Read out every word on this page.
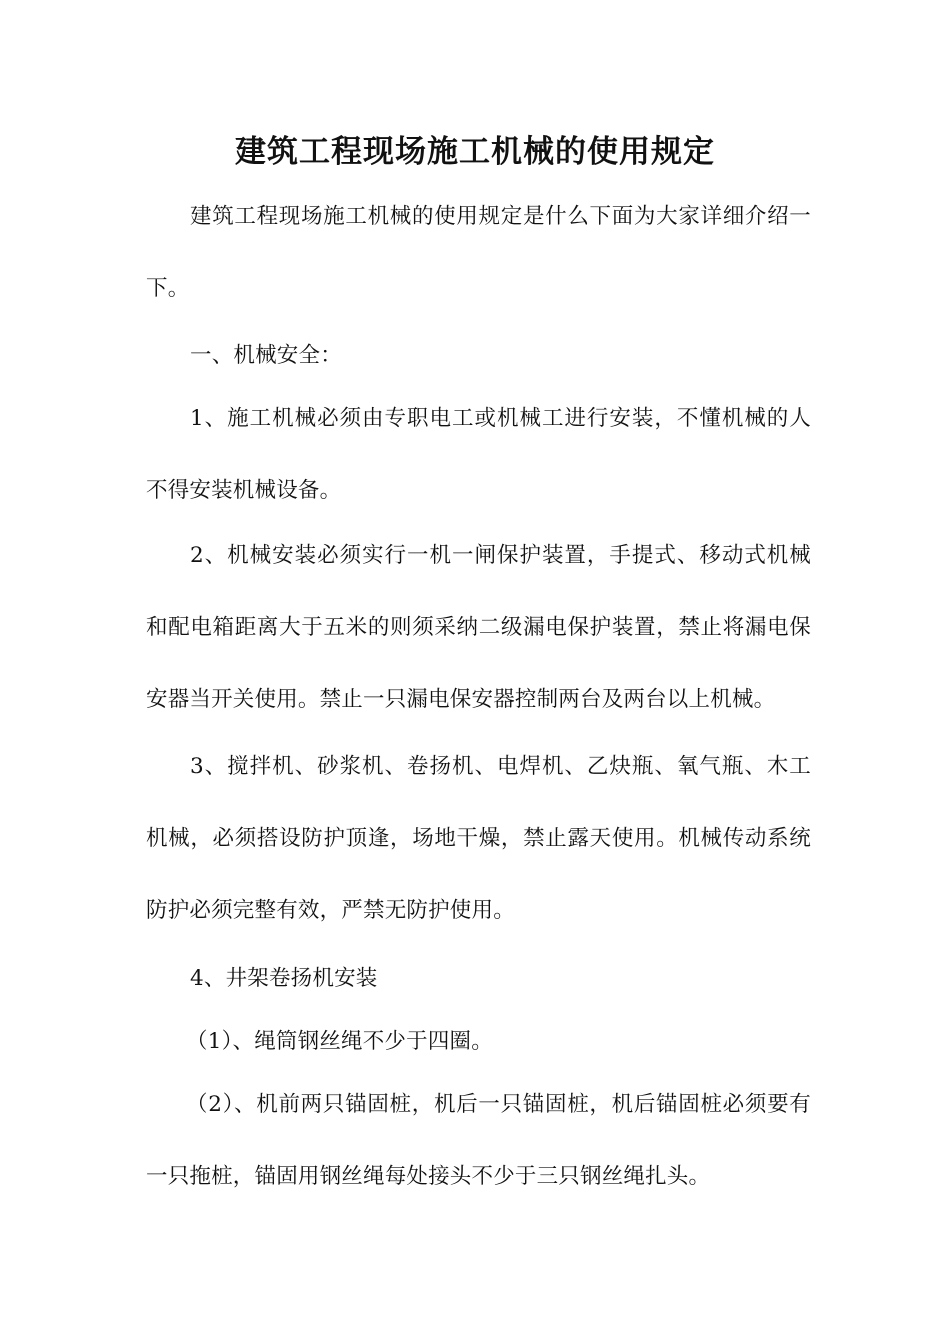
建筑工程现场施工机械的使用规定

建筑工程现场施工机械的使用规定是什么下面为大家详细介绍一下。

一、机械安全：

1、施工机械必须由专职电工或机械工进行安装，不懂机械的人不得安装机械设备。

2、机械安装必须实行一机一闸保护装置，手提式、移动式机械和配电箱距离大于五米的则须采纳二级漏电保护装置，禁止将漏电保安器当开关使用。禁止一只漏电保安器控制两台及两台以上机械。

3、搅拌机、砂浆机、卷扬机、电焊机、乙炔瓶、氧气瓶、木工机械，必须搭设防护顶逢，场地干燥，禁止露天使用。机械传动系统防护必须完整有效，严禁无防护使用。

4、井架卷扬机安装

（1）、绳筒钢丝绳不少于四圈。

（2）、机前两只锚固桩，机后一只锚固桩，机后锚固桩必须要有一只拖桩，锚固用钢丝绳每处接头不少于三只钢丝绳扎头。
